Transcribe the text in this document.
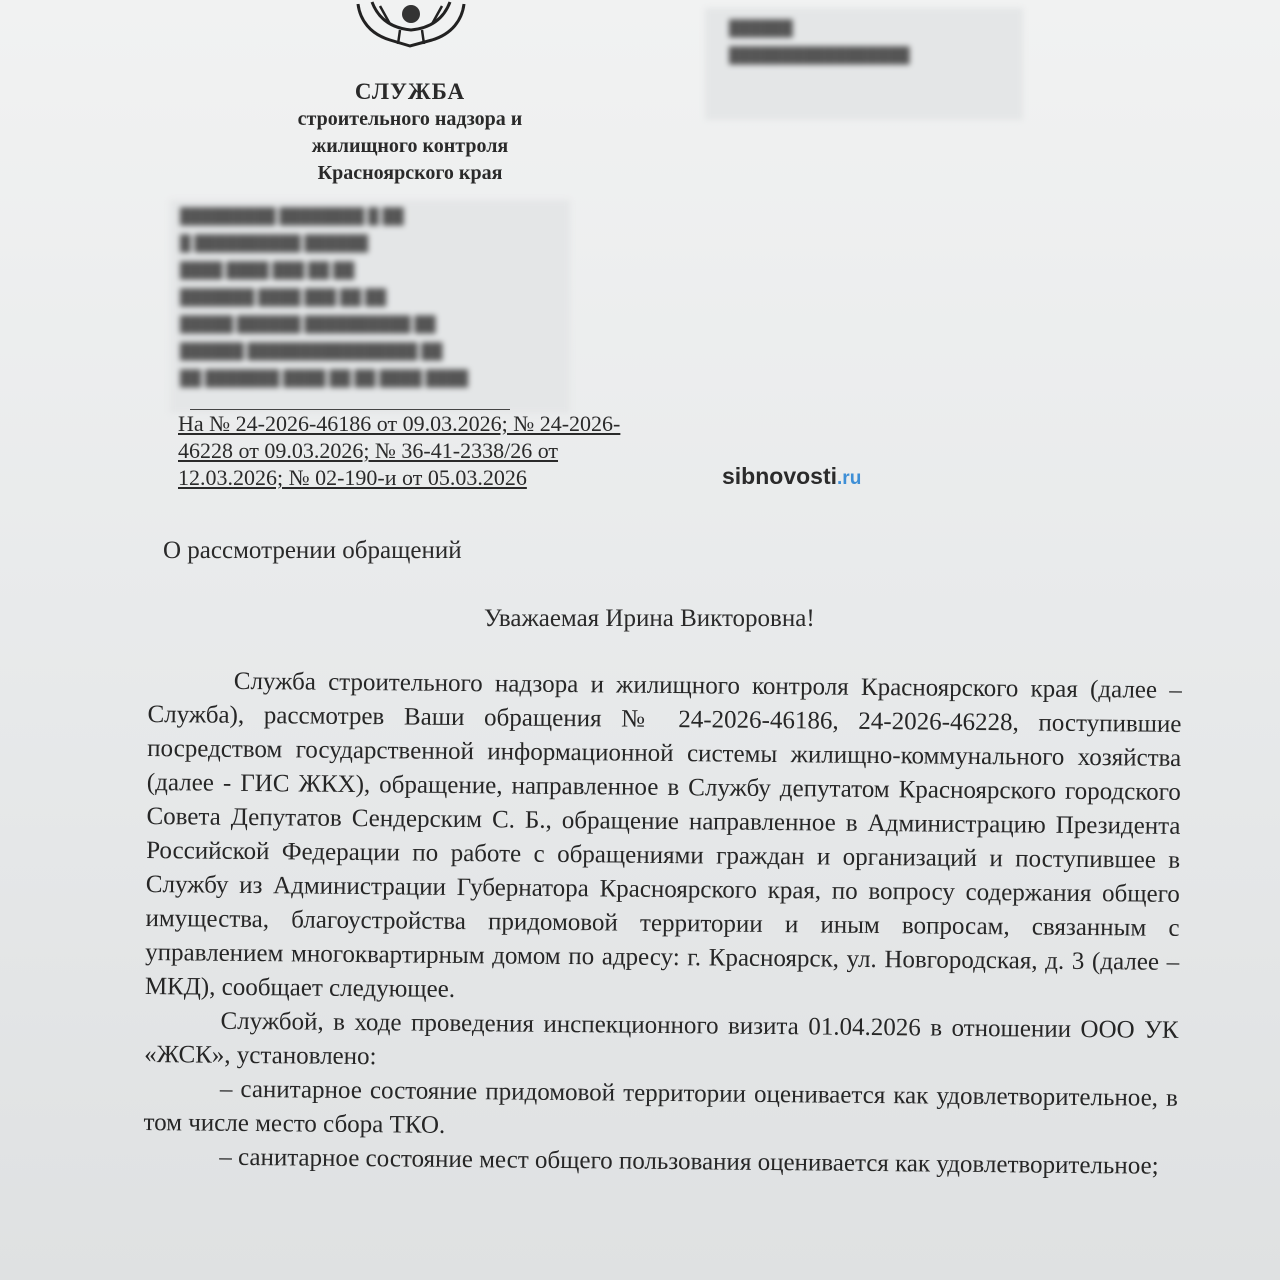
СЛУЖБА
строительного надзора и
жилищного контроля
Красноярского края
██████
█████████████████
█████████ ████████ █ ██
█ ██████████ ██████
████ ████ ███ ██ ██
███████ ████ ███ ██ ██
█████ ██████ ██████████ ██
██████ ████████████████ ██
██ ███████ ████ ██ ██ ████ ████
На № 24-2026-46186 от 09.03.2026; № 24-2026-46228 от 09.03.2026; № 36-41-2338/26 от 12.03.2026; № 02-190-и от 05.03.2026
О рассмотрении обращений
sibnovosti.ru
Уважаемая Ирина Викторовна!

Служба строительного надзора и жилищного контроля Красноярского края (далее – Служба), рассмотрев Ваши обращения № 24-2026-46186, 24-2026-46228, поступившие посредством государственной информационной системы жилищно-коммунального хозяйства (далее - ГИС ЖКХ), обращение, направленное в Службу депутатом Красноярского городского Совета Депутатов Сендерским С. Б., обращение направленное в Администрацию Президента Российской Федерации по работе с обращениями граждан и организаций и поступившее в Службу из Администрации Губернатора Красноярского края, по вопросу содержания общего имущества, благоустройства придомовой территории и иным вопросам, связанным с управлением многоквартирным домом по адресу: г. Красноярск, ул. Новгородская, д. 3 (далее – МКД), сообщает следующее.

Службой, в ходе проведения инспекционного визита 01.04.2026 в отношении ООО УК «ЖСК», установлено:

– санитарное состояние придомовой территории оценивается как удовлетворительное, в том числе место сбора ТКО.

– санитарное состояние мест общего пользования оценивается как удовлетворительное;
